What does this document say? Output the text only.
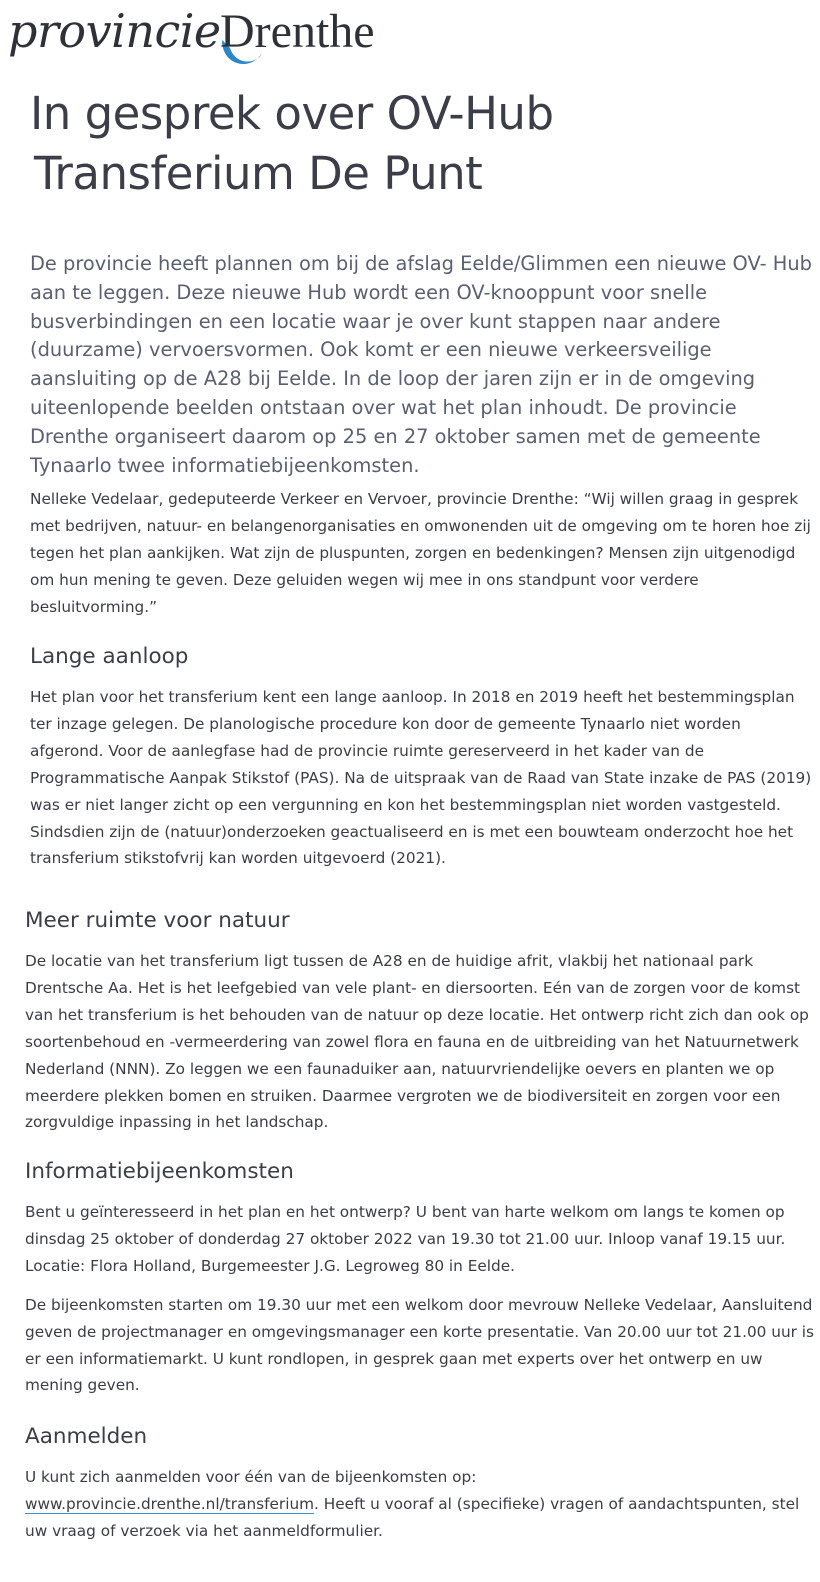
provincie Drenthe
In gesprek over OV-Hub
Transferium De Punt

De provincie heeft plannen om bij de afslag Eelde/Glimmen een nieuwe OV- Hub aan te leggen. Deze nieuwe Hub wordt een OV-knooppunt voor snelle busverbindingen en een locatie waar je over kunt stappen naar andere (duurzame) vervoersvormen. Ook komt er een nieuwe verkeersveilige aansluiting op de A28 bij Eelde. In de loop der jaren zijn er in de omgeving uiteenlopende beelden ontstaan over wat het plan inhoudt. De provincie Drenthe organiseert daarom op 25 en 27 oktober samen met de gemeente Tynaarlo twee informatiebijeenkomsten.

Nelleke Vedelaar, gedeputeerde Verkeer en Vervoer, provincie Drenthe: “Wij willen graag in gesprek met bedrijven, natuur- en belangenorganisaties en omwonenden uit de omgeving om te horen hoe zij tegen het plan aankijken. Wat zijn de pluspunten, zorgen en bedenkingen? Mensen zijn uitgenodigd om hun mening te geven. Deze geluiden wegen wij mee in ons standpunt voor verdere besluitvorming.”

Lange aanloop

Het plan voor het transferium kent een lange aanloop. In 2018 en 2019 heeft het bestemmingsplan ter inzage gelegen. De planologische procedure kon door de gemeente Tynaarlo niet worden afgerond. Voor de aanlegfase had de provincie ruimte gereserveerd in het kader van de Programmatische Aanpak Stikstof (PAS). Na de uitspraak van de Raad van State inzake de PAS (2019) was er niet langer zicht op een vergunning en kon het bestemmingsplan niet worden vastgesteld. Sindsdien zijn de (natuur)onderzoeken geactualiseerd en is met een bouwteam onderzocht hoe het transferium stikstofvrij kan worden uitgevoerd (2021).

Meer ruimte voor natuur

De locatie van het transferium ligt tussen de A28 en de huidige afrit, vlakbij het nationaal park Drentsche Aa. Het is het leefgebied van vele plant- en diersoorten. Eén van de zorgen voor de komst van het transferium is het behouden van de natuur op deze locatie. Het ontwerp richt zich dan ook op soortenbehoud en -vermeerdering van zowel flora en fauna en de uitbreiding van het Natuurnetwerk Nederland (NNN). Zo leggen we een faunaduiker aan, natuurvriendelijke oevers en planten we op meerdere plekken bomen en struiken. Daarmee vergroten we de biodiversiteit en zorgen voor een zorgvuldige inpassing in het landschap.

Informatiebijeenkomsten

Bent u geïnteresseerd in het plan en het ontwerp? U bent van harte welkom om langs te komen op dinsdag 25 oktober of donderdag 27 oktober 2022 van 19.30 tot 21.00 uur. Inloop vanaf 19.15 uur.   Locatie: Flora Holland, Burgemeester J.G. Legroweg 80 in Eelde.

De bijeenkomsten starten om 19.30 uur met een welkom door mevrouw Nelleke Vedelaar, Aansluitend geven de projectmanager en omgevingsmanager een korte presentatie. Van 20.00 uur tot 21.00 uur is er een informatiemarkt. U kunt rondlopen, in gesprek gaan met experts over het ontwerp en uw mening geven.

Aanmelden

U kunt zich aanmelden voor één van de bijeenkomsten op:
www.provincie.drenthe.nl/transferium. Heeft u vooraf al (specifieke) vragen of aandachtspunten, stel uw vraag of verzoek via het aanmeldformulier.
